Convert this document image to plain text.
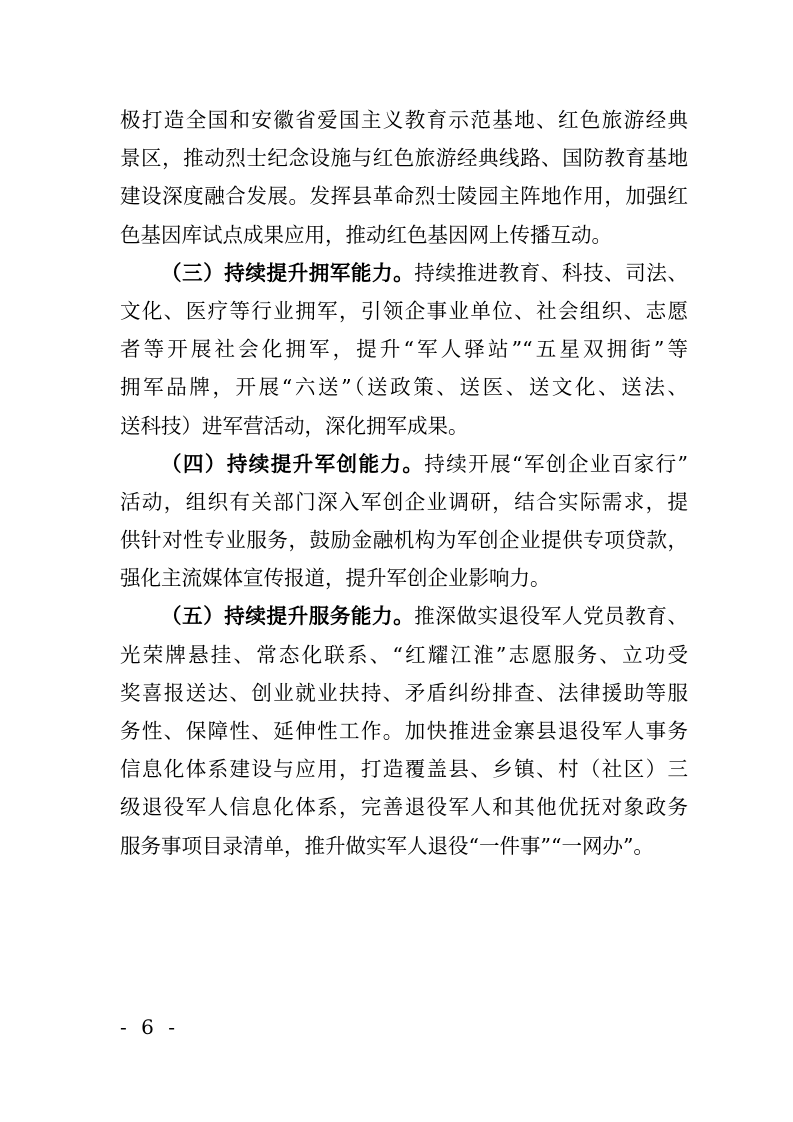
极打造全国和安徽省爱国主义教育示范基地、红色旅游经典
景区，推动烈士纪念设施与红色旅游经典线路、国防教育基地
建设深度融合发展。发挥县革命烈士陵园主阵地作用，加强红
色基因库试点成果应用，推动红色基因网上传播互动。
（三）持续提升拥军能力。持续推进教育、科技、司法、
文化、医疗等行业拥军，引领企事业单位、社会组织、志愿
者等开展社会化拥军，提升“军人驿站”“五星双拥街”等
拥军品牌，开展“六送”（送政策、送医、送文化、送法、
送科技）进军营活动，深化拥军成果。
（四）持续提升军创能力。持续开展“军创企业百家行”
活动，组织有关部门深入军创企业调研，结合实际需求，提
供针对性专业服务，鼓励金融机构为军创企业提供专项贷款，
强化主流媒体宣传报道，提升军创企业影响力。
（五）持续提升服务能力。推深做实退役军人党员教育、
光荣牌悬挂、常态化联系、“红耀江淮”志愿服务、立功受
奖喜报送达、创业就业扶持、矛盾纠纷排查、法律援助等服
务性、保障性、延伸性工作。加快推进金寨县退役军人事务
信息化体系建设与应用，打造覆盖县、乡镇、村（社区）三
级退役军人信息化体系，完善退役军人和其他优抚对象政务
服务事项目录清单，推升做实军人退役“一件事”“一网办”。
- 6 -
